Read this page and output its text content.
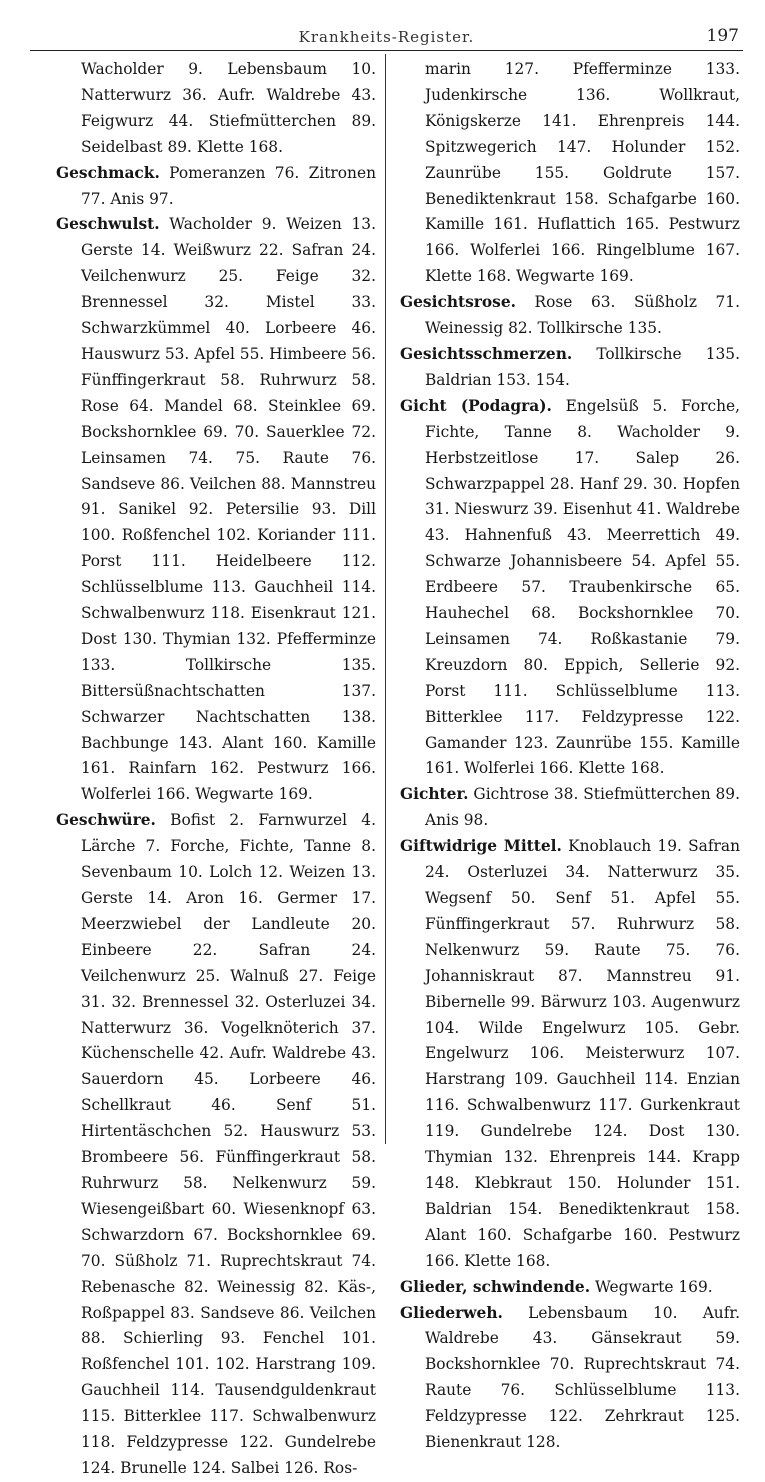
Krankheits-Register.	197

Wacholder 9. Lebensbaum 10. Natterwurz 36. Aufr. Waldrebe 43. Feigwurz 44. Stiefmütterchen 89. Seidelbast 89. Klette 168.

Geschmack. Pomeranzen 76. Zitronen 77. Anis 97.

Geschwulst. Wacholder 9. Weizen 13. Gerste 14. Weißwurz 22. Safran 24. Veilchenwurz 25. Feige 32. Brennessel 32. Mistel 33. Schwarzkümmel 40. Lorbeere 46. Hauswurz 53. Apfel 55. Himbeere 56. Fünffingerkraut 58. Ruhrwurz 58. Rose 64. Mandel 68. Steinklee 69. Bockshornklee 69. 70. Sauerklee 72. Leinsamen 74. 75. Raute 76. Sandseve 86. Veilchen 88. Mannstreu 91. Sanikel 92. Petersilie 93. Dill 100. Roßfenchel 102. Koriander 111. Porst 111. Heidelbeere 112. Schlüsselblume 113. Gauchheil 114. Schwalbenwurz 118. Eisenkraut 121. Dost 130. Thymian 132. Pfefferminze 133. Tollkirsche 135. Bittersüßnachtschatten 137. Schwarzer Nachtschatten 138. Bachbunge 143. Alant 160. Kamille 161. Rainfarn 162. Pestwurz 166. Wolferlei 166. Wegwarte 169.

Geschwüre. Bofist 2. Farnwurzel 4. Lärche 7. Forche, Fichte, Tanne 8. Sevenbaum 10. Lolch 12. Weizen 13. Gerste 14. Aron 16. Germer 17. Meerzwiebel der Landleute 20. Einbeere 22. Safran 24. Veilchenwurz 25. Walnuß 27. Feige 31. 32. Brennessel 32. Osterluzei 34. Natterwurz 36. Vogelknöterich 37. Küchenschelle 42. Aufr. Waldrebe 43. Sauerdorn 45. Lorbeere 46. Schellkraut 46. Senf 51. Hirtentäschchen 52. Hauswurz 53. Brombeere 56. Fünffingerkraut 58. Ruhrwurz 58. Nelkenwurz 59. Wiesengeißbart 60. Wiesenknopf 63. Schwarzdorn 67. Bockshornklee 69. 70. Süßholz 71. Ruprechtskraut 74. Rebenasche 82. Weinessig 82. Käs-, Roßpappel 83. Sandseve 86. Veilchen 88. Schierling 93. Fenchel 101. Roßfenchel 101. 102. Harstrang 109. Gauchheil 114. Tausendguldenkraut 115. Bitterklee 117. Schwalbenwurz 118. Feldzypresse 122. Gundelrebe 124. Brunelle 124. Salbei 126. Ros-

marin 127. Pfefferminze 133. Judenkirsche 136. Wollkraut, Königskerze 141. Ehrenpreis 144. Spitzwegerich 147. Holunder 152. Zaunrübe 155. Goldrute 157. Benediktenkraut 158. Schafgarbe 160. Kamille 161. Huflattich 165. Pestwurz 166. Wolferlei 166. Ringelblume 167. Klette 168. Wegwarte 169.

Gesichtsrose. Rose 63. Süßholz 71. Weinessig 82. Tollkirsche 135.

Gesichtsschmerzen. Tollkirsche 135. Baldrian 153. 154.

Gicht (Podagra). Engelsüß 5. Forche, Fichte, Tanne 8. Wacholder 9. Herbstzeitlose 17. Salep 26. Schwarzpappel 28. Hanf 29. 30. Hopfen 31. Nieswurz 39. Eisenhut 41. Waldrebe 43. Hahnenfuß 43. Meerrettich 49. Schwarze Johannisbeere 54. Apfel 55. Erdbeere 57. Traubenkirsche 65. Hauhechel 68. Bockshornklee 70. Leinsamen 74. Roßkastanie 79. Kreuzdorn 80. Eppich, Sellerie 92. Porst 111. Schlüsselblume 113. Bitterklee 117. Feldzypresse 122. Gamander 123. Zaunrübe 155. Kamille 161. Wolferlei 166. Klette 168.

Gichter. Gichtrose 38. Stiefmütterchen 89. Anis 98.

Giftwidrige Mittel. Knoblauch 19. Safran 24. Osterluzei 34. Natterwurz 35. Wegsenf 50. Senf 51. Apfel 55. Fünffingerkraut 57. Ruhrwurz 58. Nelkenwurz 59. Raute 75. 76. Johanniskraut 87. Mannstreu 91. Bibernelle 99. Bärwurz 103. Augenwurz 104. Wilde Engelwurz 105. Gebr. Engelwurz 106. Meisterwurz 107. Harstrang 109. Gauchheil 114. Enzian 116. Schwalbenwurz 117. Gurkenkraut 119. Gundelrebe 124. Dost 130. Thymian 132. Ehrenpreis 144. Krapp 148. Klebkraut 150. Holunder 151. Baldrian 154. Benediktenkraut 158. Alant 160. Schafgarbe 160. Pestwurz 166. Klette 168.

Glieder, schwindende. Wegwarte 169.

Gliederweh. Lebensbaum 10. Aufr. Waldrebe 43. Gänsekraut 59. Bockshornklee 70. Ruprechtskraut 74. Raute 76. Schlüsselblume 113. Feldzypresse 122. Zehrkraut 125. Bienenkraut 128.
